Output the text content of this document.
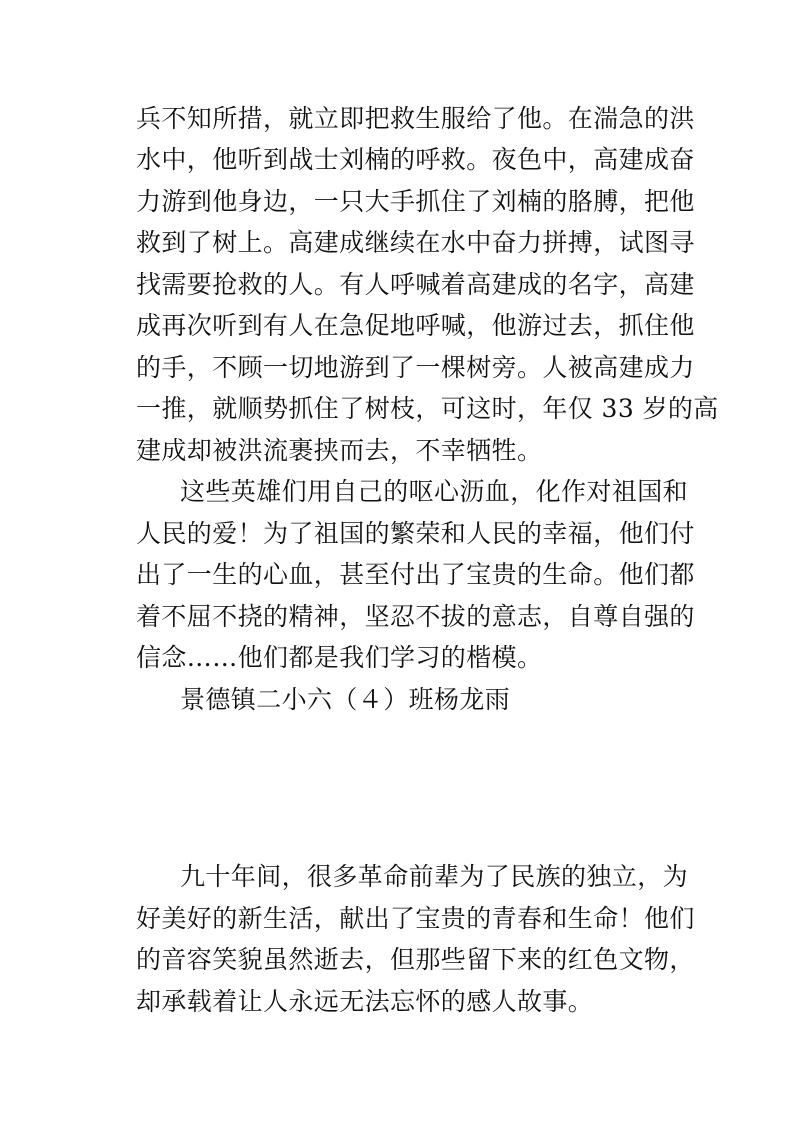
兵不知所措，就立即把救生服给了他。在湍急的洪
水中，他听到战士刘楠的呼救。夜色中，高建成奋
力游到他身边，一只大手抓住了刘楠的胳膊，把他
救到了树上。高建成继续在水中奋力拼搏，试图寻
找需要抢救的人。有人呼喊着高建成的名字，高建
成再次听到有人在急促地呼喊，他游过去，抓住他
的手，不顾一切地游到了一棵树旁。人被高建成力
一推，就顺势抓住了树枝，可这时，年仅 33 岁的高
建成却被洪流裹挟而去，不幸牺牲。
这些英雄们用自己的呕心沥血，化作对祖国和
人民的爱！为了祖国的繁荣和人民的幸福，他们付
出了一生的心血，甚至付出了宝贵的生命。他们都
着不屈不挠的精神，坚忍不拔的意志，自尊自强的
信念……他们都是我们学习的楷模。
景德镇二小六（４）班杨龙雨
九十年间，很多革命前辈为了民族的独立，为
好美好的新生活，献出了宝贵的青春和生命！他们
的音容笑貌虽然逝去，但那些留下来的红色文物，
却承载着让人永远无法忘怀的感人故事。
